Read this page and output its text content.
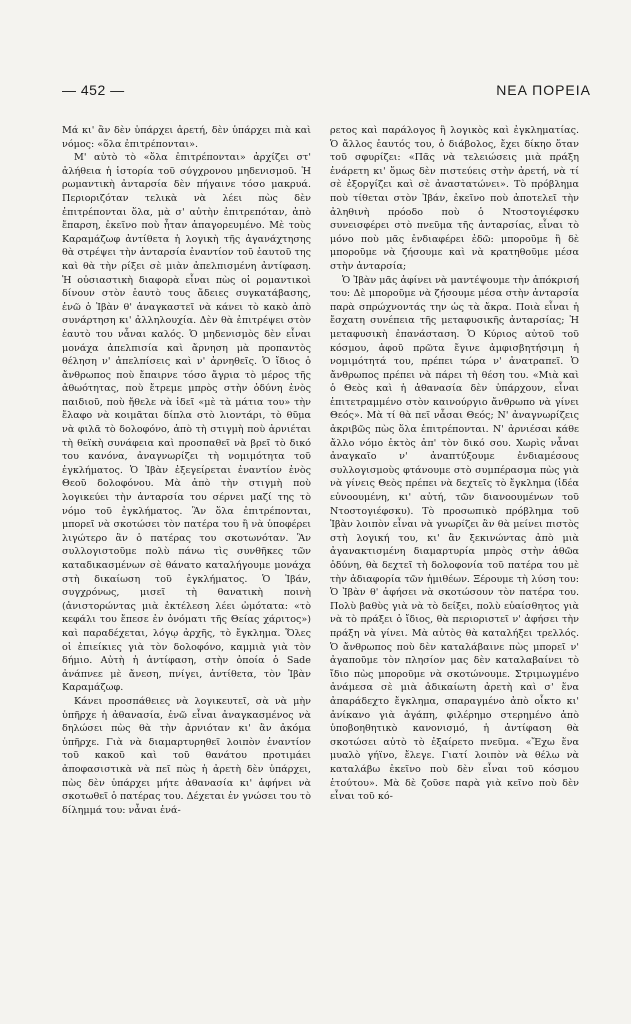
— 452 —	ΝΕΑ ΠΟΡΕΙΑ

Μά κι' ἂν δὲν ὑπάρχει ἀρετή, δὲν ὑπάρχει πιὰ καὶ νόμος: «ὅλα ἐπιτρέπονται».

Μ' αὐτὸ τὸ «ὅλα ἐπιτρέπονται» ἀρχίζει στ' ἀλήθεια ἡ ἱστορία τοῦ σύγχρονου μηδενισμοῦ. Ἡ ρωμαντικὴ ἀνταρσία δὲν πήγαινε τόσο μακρυά. Περιοριζόταν τελικὰ νὰ λέει πὼς δὲν ἐπιτρέπονται ὅλα, μὰ σ' αὐτὴν ἐπιτρεπόταν, ἀπὸ ἔπαρση, ἐκεῖνο ποὺ ἦταν ἀπαγορευμένο. Μὲ τοὺς Καραμάζωφ ἀντίθετα ἡ λογικὴ τῆς ἀγανάχτησης θὰ στρέψει τὴν ἀνταρσία ἐναντίον τοῦ ἑαυτοῦ της καὶ θὰ τὴν ρίξει σὲ μιὰν ἀπελπισμένη ἀντίφαση. Ἡ οὐσιαστικὴ διαφορὰ εἶναι πὼς οἱ ρομαντικοὶ δίνουν στὸν ἑαυτὸ τους ἄδειες συγκατάβασης, ἐνῶ ὁ Ἰβὰν θ' ἀναγκαστεῖ νὰ κάνει τὸ κακὸ ἀπὸ συνάρτηση κι' ἀλληλουχία. Δὲν θὰ ἐπιτρέψει στὸν ἑαυτὸ του νἆναι καλός. Ὁ μηδενισμὸς δὲν εἶναι μονάχα ἀπελπισία καὶ ἄρνηση μὰ προπαντὸς θέληση ν' ἀπελπίσεις καὶ ν' ἀρνηθεῖς. Ὁ ἴδιος ὁ ἄνθρωπος ποὺ ἔπαιρνε τόσο ἄγρια τὸ μέρος τῆς ἀθωότητας, ποὺ ἔτρεμε μπρὸς στὴν ὀδύνη ἑνὸς παιδιοῦ, ποὺ ἤθελε νὰ ἰδεῖ «μὲ τὰ μάτια του» τὴν ἔλαφο νὰ κοιμᾶται δίπλα στὸ λιοντάρι, τὸ θῦμα νὰ φιλᾶ τὸ δολοφόνο, ἀπὸ τὴ στιγμὴ ποὺ ἀρνιέται τὴ θεϊκὴ συνάφεια καὶ προσπαθεῖ νὰ βρεῖ τὸ δικό του κανόνα, ἀναγνωρίζει τὴ νομιμότητα τοῦ ἐγκλήματος. Ὁ Ἰβὰν ἐξεγείρεται ἐναντίον ἑνὸς Θεοῦ δολοφόνου. Μὰ ἀπὸ τὴν στιγμὴ ποὺ λογικεύει τὴν ἀνταρσία του σέρνει μαζί της τὸ νόμο τοῦ ἐγκλήματος. Ἂν ὅλα ἐπιτρέπονται, μπορεῖ νὰ σκοτώσει τὸν πατέρα του ἢ νὰ ὑποφέρει λιγώτερο ἂν ὁ πατέρας του σκοτωνόταν. Ἂν συλλογιστοῦμε πολὺ πάνω τὶς συνθῆκες τῶν καταδικασμένων σὲ θάνατο καταλήγουμε μονάχα στὴ δικαίωση τοῦ ἐγκλήματος. Ὁ Ἰβάν, συγχρόνως, μισεῖ τὴ θανατικὴ ποινὴ (ἀνιστορώντας μιὰ ἐκτέλεση λέει ὠμότατα: «τὸ κεφάλι του ἔπεσε ἐν ὀνόματι τῆς Θείας χάριτος») καὶ παραδέχεται, λόγῳ ἀρχῆς, τὸ ἔγκλημα. Ὅλες οἱ ἐπιείκιες γιὰ τὸν δολοφόνο, καμμιὰ γιὰ τὸν δήμιο. Αὐτὴ ἡ ἀντίφαση, στὴν ὁποία ὁ Sade ἀνάπνεε μὲ ἄνεση, πνίγει, ἀντίθετα, τὸν Ἰβὰν Καραμάζωφ.

Κάνει προσπάθειες νὰ λογικευτεῖ, σὰ νὰ μὴν ὑπῆρχε ἡ ἀθανασία, ἐνῶ εἶναι ἀναγκασμένος νὰ δηλώσει πὼς θὰ τὴν ἀρνιόταν κι' ἂν ἀκόμα ὑπῆρχε. Γιὰ νὰ διαμαρτυρηθεῖ λοιπὸν ἐναντίον τοῦ κακοῦ καὶ τοῦ θανάτου προτιμάει ἀποφασιστικὰ νὰ πεῖ πὼς ἡ ἀρετὴ δὲν ὑπάρχει, πὼς δὲν ὑπάρχει μήτε ἀθανασία κι' ἀφήνει νὰ σκοτωθεῖ ὁ πατέρας του. Δέχεται ἐν γνώσει του τὸ δίλημμά του: νἆναι ἐνά-

ρετος καὶ παράλογος ἢ λογικὸς καὶ ἐγκληματίας. Ὁ ἄλλος ἑαυτός του, ὁ διάβολος, ἔχει δίκηο ὅταν τοῦ σφυρίζει: «Πᾶς νὰ τελειώσεις μιὰ πράξη ἐνάρετη κι' ὅμως δὲν πιστεύεις στὴν ἀρετή, νὰ τί σὲ ἐξοργίζει καὶ σὲ ἀναστατώνει». Τὸ πρόβλημα ποὺ τίθεται στὸν Ἰβάν, ἐκεῖνο ποὺ ἀποτελεῖ τὴν ἀληθινὴ πρόοδο ποὺ ὁ Ντοστογιέφσκυ συνεισφέρει στὸ πνεῦμα τῆς ἀνταρσίας, εἶναι τὸ μόνο ποὺ μᾶς ἐνδιαφέρει ἐδῶ: μποροῦμε ἢ δὲ μποροῦμε νὰ ζήσουμε καὶ νὰ κρατηθοῦμε μέσα στὴν ἀνταρσία;

Ὁ Ἰβὰν μᾶς ἀφίνει νὰ μαντέψουμε τὴν ἀπόκρισή του: Δὲ μποροῦμε νὰ ζήσουμε μέσα στὴν ἀνταρσία παρὰ σπρώχνοντάς την ὡς τὰ ἄκρα. Ποιὰ εἶναι ἡ ἔσχατη συνέπεια τῆς μεταφυσικῆς ἀνταρσίας; Ἡ μεταφυσικὴ ἐπανάσταση. Ὁ Κύριος αὐτοῦ τοῦ κόσμου, ἀφοῦ πρῶτα ἔγινε ἀμφισβητήσιμη ἡ νομιμότητά του, πρέπει τώρα ν' ἀνατραπεῖ. Ὁ ἄνθρωπος πρέπει νὰ πάρει τὴ θέση του. «Μιὰ καὶ ὁ Θεὸς καὶ ἡ ἀθανασία δὲν ὑπάρχουν, εἶναι ἐπιτετραμμένο στὸν καινούργιο ἄνθρωπο νὰ γίνει Θεός». Μὰ τί θὰ πεῖ νἆσαι Θεός; Ν' ἀναγνωρίζεις ἀκριβῶς πὼς ὅλα ἐπιτρέπονται. Ν' ἀρνιέσαι κάθε ἄλλο νόμο ἐκτὸς ἀπ' τὸν δικό σου. Χωρὶς νἆναι ἀναγκαῖο ν' ἀναπτύξουμε ἐνδιαμέσους συλλογισμοὺς φτάνουμε στὸ συμπέρασμα πὼς γιὰ νὰ γίνεις Θεὸς πρέπει νὰ δεχτεῖς τὸ ἔγκλημα (ἰδέα εὐνοουμένη, κι' αὐτή, τῶν διανοουμένων τοῦ Ντοστογιέφσκυ). Τὸ προσωπικὸ πρόβλημα τοῦ Ἰβὰν λοιπὸν εἶναι νὰ γνωρίζει ἂν θὰ μείνει πιστὸς στὴ λογική του, κι' ἂν ξεκινώντας ἀπὸ μιὰ ἀγανακτισμένη διαμαρτυρία μπρὸς στὴν ἀθῶα ὀδύνη, θὰ δεχτεῖ τὴ δολοφονία τοῦ πατέρα του μὲ τὴν ἀδιαφορία τῶν ἡμιθέων. Ξέρουμε τὴ λύση του: Ὁ Ἰβὰν θ' ἀφήσει νὰ σκοτώσουν τὸν πατέρα του. Πολὺ βαθὺς γιὰ νὰ τὸ δείξει, πολὺ εὐαίσθητος γιὰ νὰ τὸ πράξει ὁ ἴδιος, θὰ περιοριστεῖ ν' ἀφήσει τὴν πράξη νὰ γίνει. Μὰ αὐτὸς θὰ καταλήξει τρελλός. Ὁ ἄνθρωπος ποὺ δὲν καταλάβαινε πὼς μπορεῖ ν' ἀγαποῦμε τὸν πλησίον μας δὲν καταλαβαίνει τὸ ἴδιο πὼς μποροῦμε νὰ σκοτώνουμε. Στριμωγμένο ἀνάμεσα σὲ μιὰ ἀδικαίωτη ἀρετὴ καὶ σ' ἕνα ἀπαράδεχτο ἔγκλημα, σπαραγμένο ἀπὸ οἶκτο κι' ἀνίκανο γιὰ ἀγάπη, φιλέρημο στερημένο ἀπὸ ὑποβοηθητικὸ κανονισμό, ἡ ἀντίφαση θὰ σκοτώσει αὐτὸ τὸ ἐξαίρετο πνεῦμα. «Ἔχω ἕνα μυαλὸ γήϊνο, ἔλεγε. Γιατί λοιπὸν νὰ θέλω νὰ καταλάβω ἐκεῖνο ποὺ δὲν εἶναι τοῦ κόσμου ἐτούτου». Μὰ δὲ ζοῦσε παρὰ γιὰ κεῖνο ποὺ δὲν εἶναι τοῦ κό-
